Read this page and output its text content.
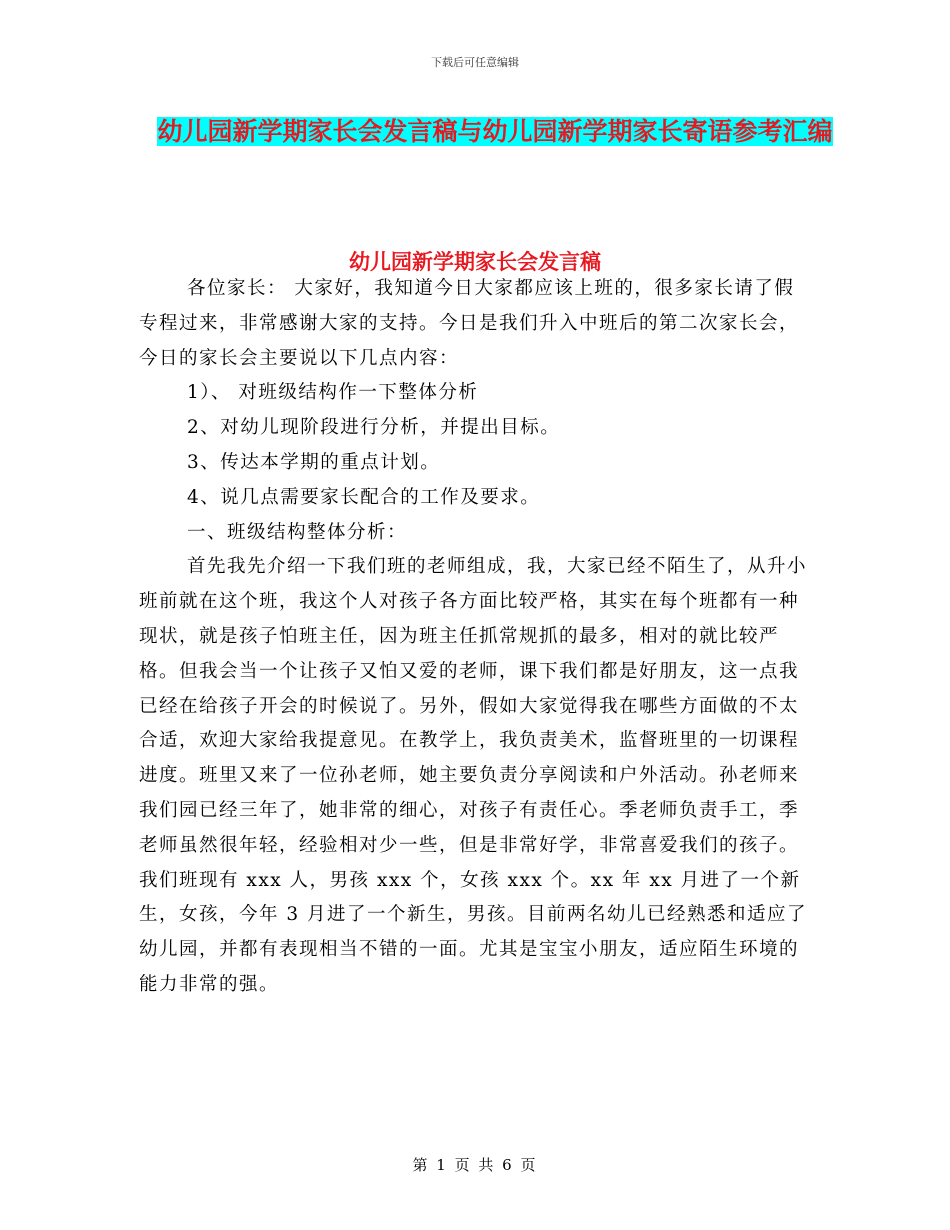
下载后可任意编辑
幼儿园新学期家长会发言稿与幼儿园新学期家长寄语参考汇编
幼儿园新学期家长会发言稿

各位家长： 大家好，我知道今日大家都应该上班的，很多家长请了假专程过来，非常感谢大家的支持。今日是我们升入中班后的第二次家长会，今日的家长会主要说以下几点内容：

1）、 对班级结构作一下整体分析

2、对幼儿现阶段进行分析，并提出目标。

3、传达本学期的重点计划。

4、说几点需要家长配合的工作及要求。

一、班级结构整体分析：

首先我先介绍一下我们班的老师组成，我，大家已经不陌生了，从升小班前就在这个班，我这个人对孩子各方面比较严格，其实在每个班都有一种现状，就是孩子怕班主任，因为班主任抓常规抓的最多，相对的就比较严格。但我会当一个让孩子又怕又爱的老师，课下我们都是好朋友，这一点我已经在给孩子开会的时候说了。另外，假如大家觉得我在哪些方面做的不太合适，欢迎大家给我提意见。在教学上，我负责美术，监督班里的一切课程进度。班里又来了一位孙老师，她主要负责分享阅读和户外活动。孙老师来我们园已经三年了，她非常的细心，对孩子有责任心。季老师负责手工，季老师虽然很年轻，经验相对少一些，但是非常好学，非常喜爱我们的孩子。我们班现有 xxx 人，男孩 xxx 个，女孩 xxx 个。xx 年 xx 月进了一个新生，女孩，今年 3 月进了一个新生，男孩。目前两名幼儿已经熟悉和适应了幼儿园，并都有表现相当不错的一面。尤其是宝宝小朋友，适应陌生环境的能力非常的强。

第 1 页 共 6 页
